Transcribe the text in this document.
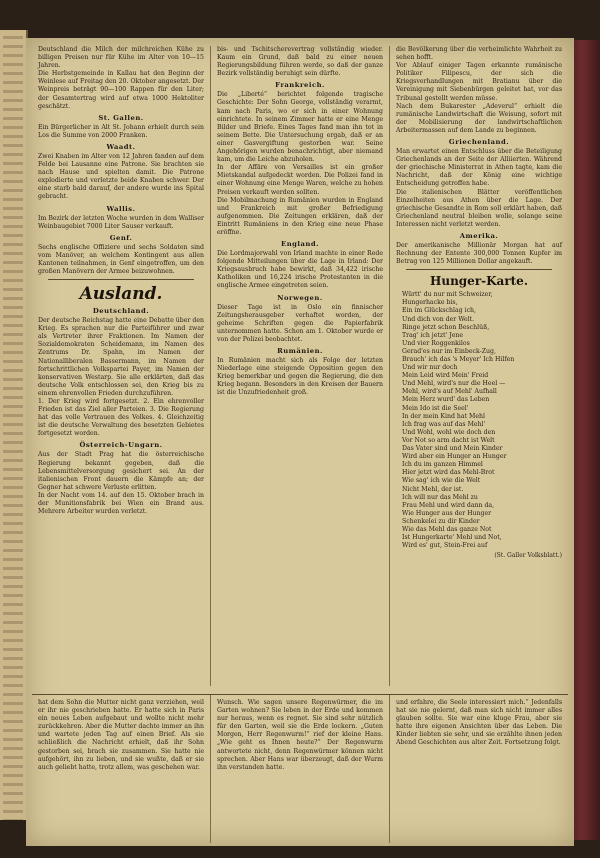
Deutschland die Milch der milchreichen Kühe zu billigen Preisen nur für Kühe im Alter von 10—15 Jahren.

Die Herbstgemeinde in Kallau hat den Beginn der Weinlese auf Freitag den 20. Oktober angesetzt. Der Weinpreis beträgt 90—100 Rappen für den Liter; der Gesamtertrag wird auf etwa 1000 Hektoliter geschätzt.

St. Gallen.

Ein Bürgerlicher in Alt St. Johann erhielt durch sein Los die Summe von 2000 Franken.

Waadt.

Zwei Knaben im Alter von 12 Jahren fanden auf dem Felde bei Lausanne eine Patrone. Sie brachten sie nach Hause und spielten damit. Die Patrone explodierte und verletzte beide Knaben schwer. Der eine starb bald darauf, der andere wurde ins Spital gebracht.

Wallis.

Im Bezirk der letzten Woche wurden in dem Walliser Weinbaugebiet 7000 Liter Sauser verkauft.

Genf.

Sechs englische Offiziere und sechs Soldaten sind vom Manöver, an welchem Kontingent aus allen Kantonen teilnahmen, in Genf eingetroffen, um den großen Manövern der Armee beizuwohnen.

Ausland.
Deutschland.

Der deutsche Reichstag hatte eine Debatte über den Krieg. Es sprachen nur die Parteiführer und zwar als Vertreter ihrer Fraktionen. Im Namen der Sozialdemokraten Scheidemann, im Namen des Zentrums Dr. Spahn, im Namen der Nationalliberalen Bassermann, im Namen der fortschrittlichen Volkspartei Payer, im Namen der konservativen Westarp. Sie alle erklärten, daß das deutsche Volk entschlossen sei, den Krieg bis zu einem ehrenvollen Frieden durchzuführen.

1. Der Krieg wird fortgesetzt. 2. Ein ehrenvoller Frieden ist das Ziel aller Parteien. 3. Die Regierung hat das volle Vertrauen des Volkes. 4. Gleichzeitig ist die deutsche Verwaltung des besetzten Gebietes fortgesetzt worden.

Österreich-Ungarn.

Aus der Stadt Prag hat die österreichische Regierung bekannt gegeben, daß die Lebensmittelversorgung gesichert sei. An der italienischen Front dauern die Kämpfe an; der Gegner hat schwere Verluste erlitten.

In der Nacht vom 14. auf den 15. Oktober brach in der Munitionsfabrik bei Wien ein Brand aus. Mehrere Arbeiter wurden verletzt.

bis- und Tschitscherevertrag vollständig wieder. Kaum ein Grund, daß bald zu einer neuen Regierungsbildung führen werde, so daß der ganze Bezirk vollständig beruhigt sein dürfte.

Frankreich.

Die „Liberté“ berichtet folgende tragische Geschichte: Der Sohn George, vollständig verarmt, kam nach Paris, wo er sich in einer Wohnung einrichtete. In seinem Zimmer hatte er eine Menge Bilder und Briefe. Eines Tages fand man ihn tot in seinem Bette. Die Untersuchung ergab, daß er an einer Gasvergiftung gestorben war. Seine Angehörigen wurden benachrichtigt, aber niemand kam, um die Leiche abzuholen.

In der Affäre von Versailles ist ein großer Mietskandal aufgedeckt worden. Die Polizei fand in einer Wohnung eine Menge Waren, welche zu hohen Preisen verkauft werden sollten.

Die Mobilmachung in Rumänien wurden in England und Frankreich mit großer Befriedigung aufgenommen. Die Zeitungen erklären, daß der Eintritt Rumäniens in den Krieg eine neue Phase eröffne.

England.

Die Lordmajorwahl von Irland machte in einer Rede folgende Mitteilungen über die Lage in Irland: Der Kriegsausbruch habe bewirkt, daß 34,422 irische Katholiken und 16,224 irische Protestanten in die englische Armee eingetreten seien.

Norwegen.

Dieser Tage ist in Oslo ein finnischer Zeitungsherausgeber verhaftet worden, der geheime Schriften gegen die Papierfabrik unternommen hatte. Schon am 1. Oktober wurde er von der Polizei beobachtet.

Rumänien.

In Rumänien macht sich als Folge der letzten Niederlage eine steigende Opposition gegen den Krieg bemerkbar und gegen die Regierung, die den Krieg begann. Besonders in den Kreisen der Bauern ist die Unzufriedenheit groß.

die Bevölkerung über die verheimlichte Wahrheit zu sehen hofft.

Vor Ablauf einiger Tagen erkannte rumänische Politiker Filipescu, der sich die Kriegsverhandlungen mit Bratianu über die Vereinigung mit Siebenbürgen geleitet hat, vor das Tribunal gestellt werden müsse.

Nach dem Bukarester „Adeverul“ erhielt die rumänische Landwirtschaft die Weisung, sofort mit der Mobilisierung der landwirtschaftlichen Arbeitermassen auf dem Lande zu beginnen.

Griechenland.

Man erwartet einen Entschluss über die Beteiligung Griechenlands an der Seite der Alliierten. Während der griechische Ministerrat in Athen tagte, kam die Nachricht, daß der König eine wichtige Entscheidung getroffen habe.

Die italienischen Blätter veröffentlichen Einzelheiten aus Athen über die Lage. Der griechische Gesandte in Rom soll erklärt haben, daß Griechenland neutral bleiben wolle, solange seine Interessen nicht verletzt werden.

Amerika.

Der amerikanische Millionär Morgan hat auf Rechnung der Entente 300,000 Tonnen Kupfer im Betrag von 125 Millionen Dollar angekauft.

Hunger-Karte.
Württ' du nur mit Schweizer,
Hungerhacke bis,
Ein im Glückschlag ich,
Und dich von der Welt.
Ringe jetzt schon Beschlüß,
Trag' ich jetzt' Jene
Und vier Roggenkilos
Gerad'es nur im Einbeck-Zug,
Brauch' ich das 's Meyer' Ich Hilfen
Und wir nur doch
Mein Leid wird Mein' Freid
Und Mehl, wird's nur die Heel —
Mehl, wird's auf Mehl' Aufhall
Mein Herz wurd' das Leben
Mein Ido ist die Seel'
In der mein Kind hat Mehl
Ich frag was auf das Mehl'
Und Wohl, wohl wie doch den
Vor Not so arm dacht ist Welt
Das Vater sind und Mein Kinder
Wird aber ein Hunger an Hunger
Ich du im ganzen Himmel
Hier jetzt wird das Mehl-Brot
Wie sag' ich wie die Welt
Nicht Mehl, der ist.
Ich will nur das Mehl zu
Frau Mehl und wird dann da,
Wie Hunger aus der Hunger
Schenkelei zu dir Kinder
Wie das Mehl das ganze Not
Ist Hungerkarte' Mehl und Not,
Wird es' gut, Stein-Frei auf
(St. Galler Volksblatt.)

hat dem Sohn die Mutter nicht ganz verziehen, weil er ihr nie geschrieben hatte. Er hatte sich in Paris ein neues Leben aufgebaut und wollte nicht mehr zurückkehren. Aber die Mutter dachte immer an ihn und wartete jeden Tag auf einen Brief. Als sie schließlich die Nachricht erhielt, daß ihr Sohn gestorben sei, brach sie zusammen. Sie hatte nie aufgehört, ihn zu lieben, und sie wußte, daß er sie auch geliebt hatte, trotz allem, was geschehen war.

Wunsch. Wie sagen unsere Regenwürmer, die im Garten wohnen? Sie leben in der Erde und kommen nur heraus, wenn es regnet. Sie sind sehr nützlich für den Garten, weil sie die Erde lockern. „Guten Morgen, Herr Regenwurm!“ rief der kleine Hans. „Wie geht es Ihnen heute?“ Der Regenwurm antwortete nicht, denn Regenwürmer können nicht sprechen. Aber Hans war überzeugt, daß der Wurm ihn verstanden hatte.

und erfahre, die Seele interessiert mich.“ Jedenfalls hat sie nie gelernt, daß man sich nicht immer alles glauben sollte. Sie war eine kluge Frau, aber sie hatte ihre eigenen Ansichten über das Leben. Die Kinder liebten sie sehr, und sie erzählte ihnen jeden Abend Geschichten aus alter Zeit. Fortsetzung folgt.
